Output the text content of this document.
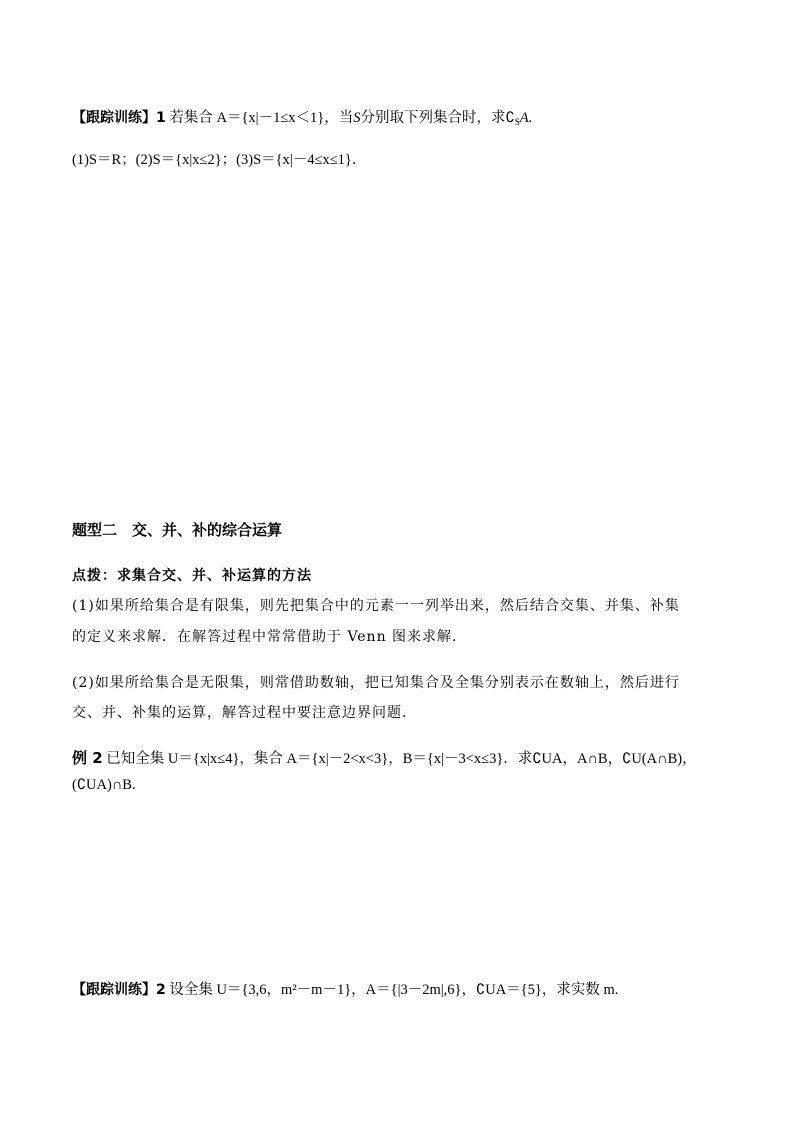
【跟踪训练】1 若集合 A＝{x|－1≤x＜1}，当S分别取下列集合时，求$∁_SA$.
(1)S＝R；(2)S＝{x|x≤2}；(3)S＝{x|－4≤x≤1}．
题型二　交、并、补的综合运算
点拨：求集合交、并、补运算的方法
(1)如果所给集合是有限集，则先把集合中的元素一一列举出来，然后结合交集、并集、补集
的定义来求解．在解答过程中常常借助于 Venn 图来求解．
(2)如果所给集合是无限集，则常借助数轴，把已知集合及全集分别表示在数轴上，然后进行
交、并、补集的运算，解答过程中要注意边界问题．
例 2 已知全集 U＝{x|x≤4}，集合 A＝{x|－2<x<3}，B＝{x|－3<x≤3}．求∁UA，A∩B，∁U(A∩B)，
(∁UA)∩B.
【跟踪训练】2 设全集 U＝{3,6，m²－m－1}，A＝{|3－2m|,6}，∁UA＝{5}，求实数 m.
